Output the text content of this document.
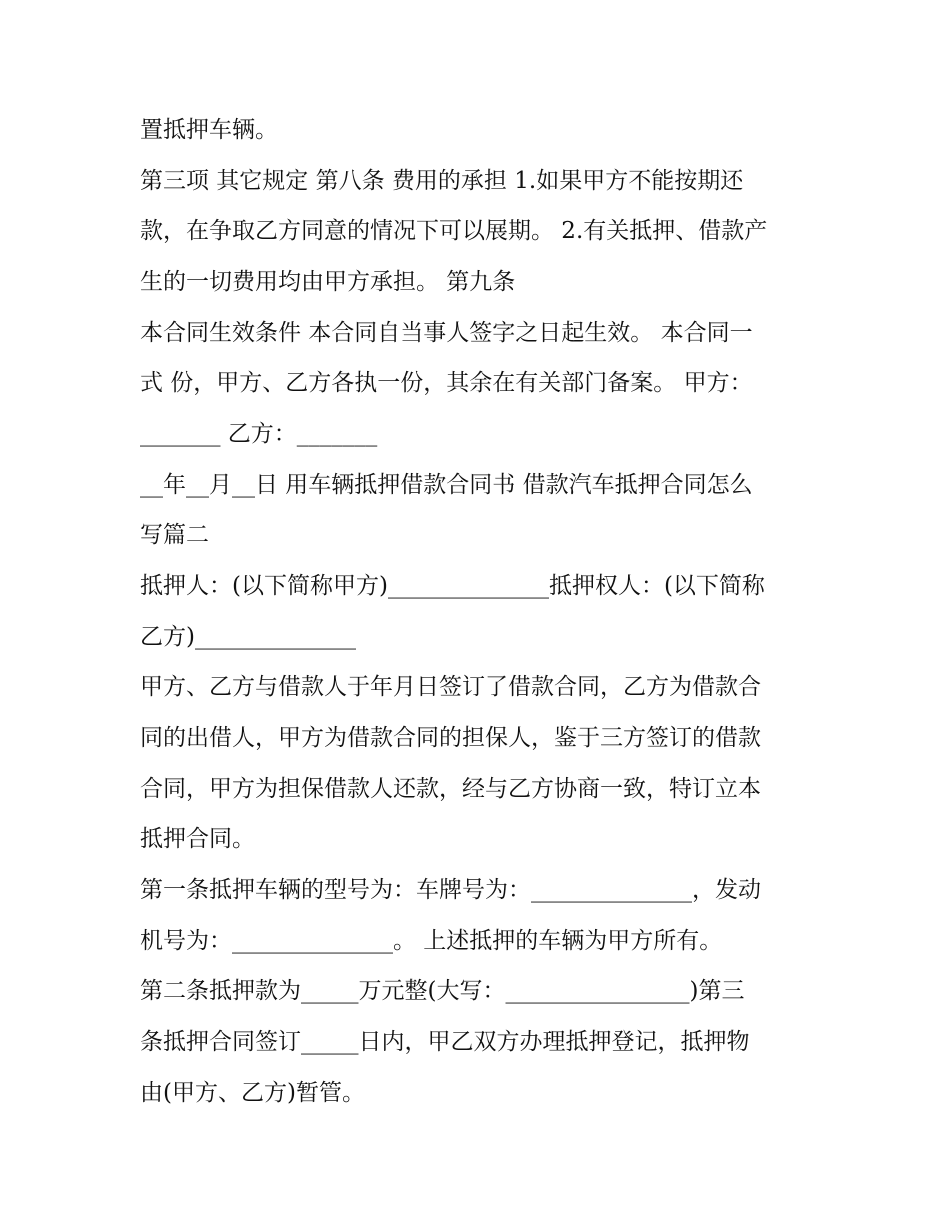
置抵押车辆。

第三项 其它规定 第八条 费用的承担 1.如果甲方不能按期还

款，在争取乙方同意的情况下可以展期。 2.有关抵押、借款产

生的一切费用均由甲方承担。 第九条

本合同生效条件 本合同自当事人签字之日起生效。 本合同一

式 份，甲方、乙方各执一份，其余在有关部门备案。 甲方：

_______ 乙方：_______

__年__月__日 用车辆抵押借款合同书 借款汽车抵押合同怎么

写篇二

抵押人：(以下简称甲方)______________抵押权人：(以下简称

乙方)______________

甲方、乙方与借款人于年月日签订了借款合同，乙方为借款合

同的出借人，甲方为借款合同的担保人，鉴于三方签订的借款

合同，甲方为担保借款人还款，经与乙方协商一致，特订立本

抵押合同。

第一条抵押车辆的型号为：车牌号为：______________，发动

机号为：______________。 上述抵押的车辆为甲方所有。

第二条抵押款为_____万元整(大写：________________)第三

条抵押合同签订_____日内，甲乙双方办理抵押登记，抵押物

由(甲方、乙方)暂管。
